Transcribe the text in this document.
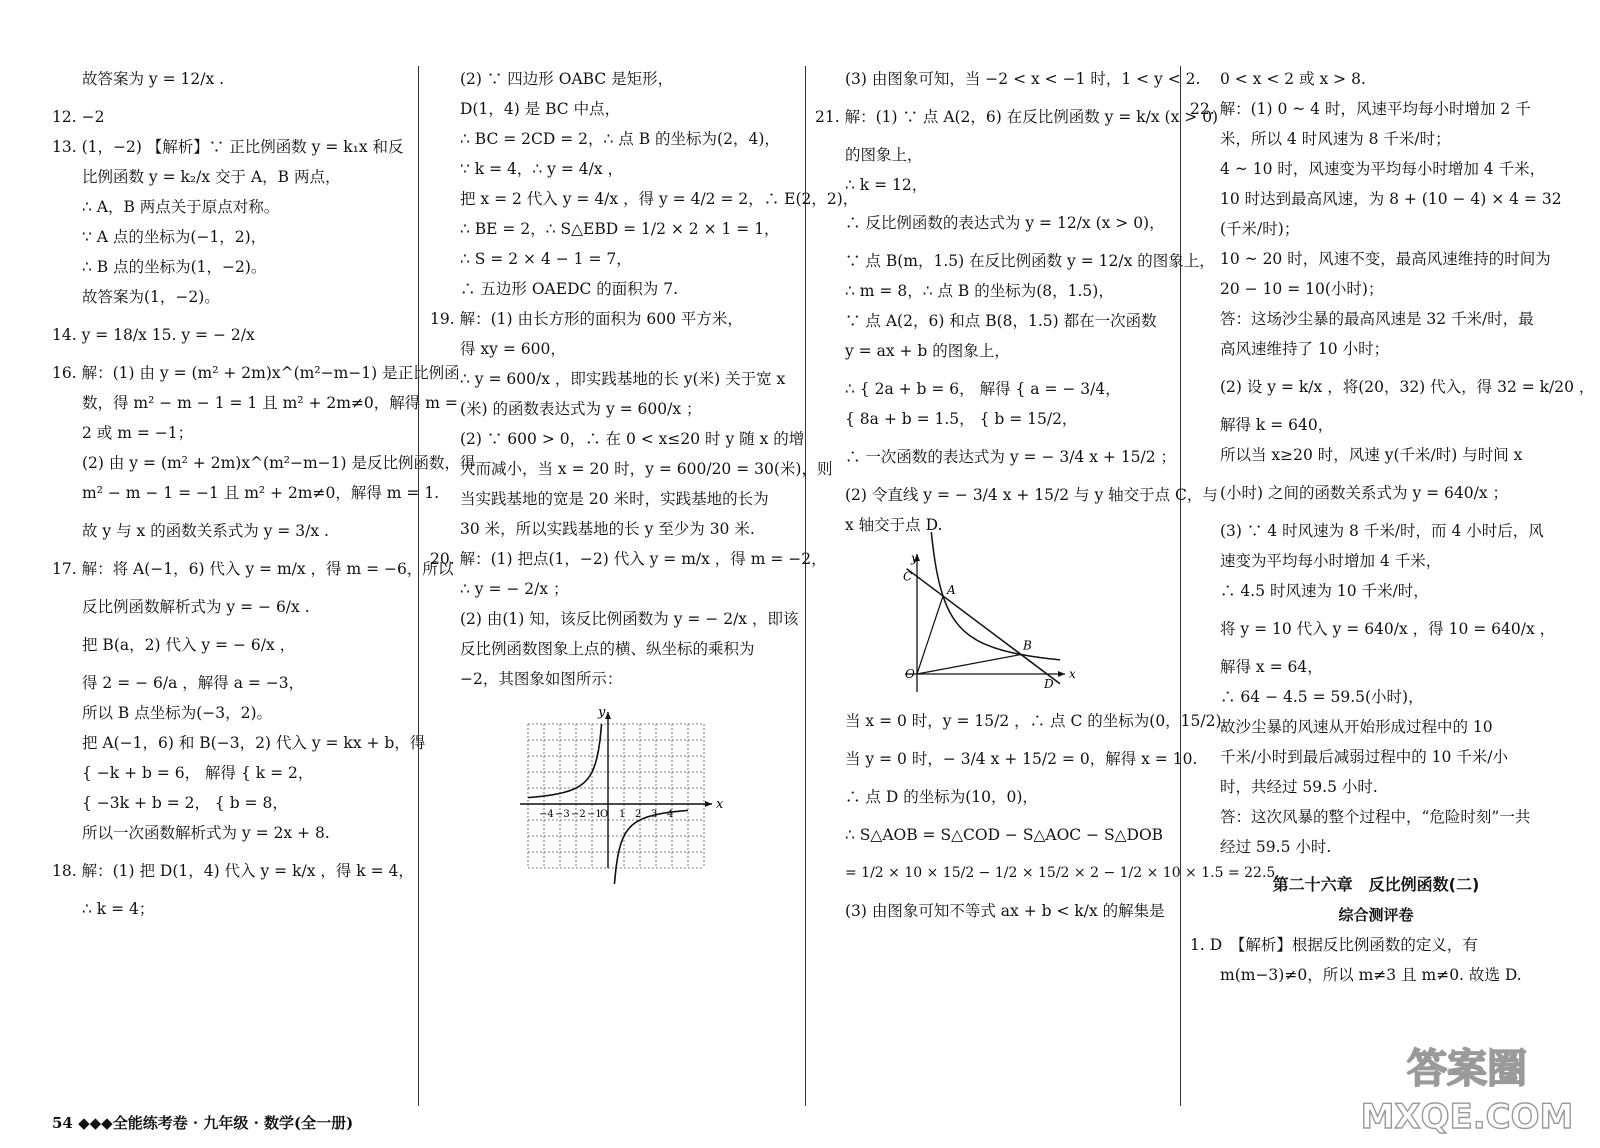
故答案为 y = 12/x .
12. −2
13. (1，−2) 【解析】∵ 正比例函数 y = k₁x 和反
比例函数 y = k₂/x 交于 A，B 两点，
∴ A，B 两点关于原点对称。
∵ A 点的坐标为(−1，2)，
∴ B 点的坐标为(1，−2)。
故答案为(1，−2)。
14. y = 18/x 15. y = − 2/x
16. 解：(1) 由 y = (m² + 2m)x^(m²−m−1) 是正比例函
数，得 m² − m − 1 = 1 且 m² + 2m≠0，解得 m =
2 或 m = −1；
(2) 由 y = (m² + 2m)x^(m²−m−1) 是反比例函数，得
m² − m − 1 = −1 且 m² + 2m≠0，解得 m = 1.
故 y 与 x 的函数关系式为 y = 3/x .
17. 解：将 A(−1，6) 代入 y = m/x ，得 m = −6，所以
反比例函数解析式为 y = − 6/x .
把 B(a，2) 代入 y = − 6/x ，
得 2 = − 6/a ，解得 a = −3，
所以 B 点坐标为(−3，2)。
把 A(−1，6) 和 B(−3，2) 代入 y = kx + b，得
{ −k + b = 6， 解得 { k = 2，
{ −3k + b = 2， { b = 8，
所以一次函数解析式为 y = 2x + 8.
18. 解：(1) 把 D(1，4) 代入 y = k/x ，得 k = 4，
∴ k = 4；
(2) ∵ 四边形 OABC 是矩形，
D(1，4) 是 BC 中点，
∴ BC = 2CD = 2，∴ 点 B 的坐标为(2，4)，
∵ k = 4，∴ y = 4/x ，
把 x = 2 代入 y = 4/x ，得 y = 4/2 = 2，∴ E(2，2)，
∴ BE = 2，∴ S△EBD = 1/2 × 2 × 1 = 1，
∴ S = 2 × 4 − 1 = 7，
∴ 五边形 OAEDC 的面积为 7.
19. 解：(1) 由长方形的面积为 600 平方米，
得 xy = 600，
∴ y = 600/x ，即实践基地的长 y(米) 关于宽 x
(米) 的函数表达式为 y = 600/x ；
(2) ∵ 600 > 0，∴ 在 0 < x≤20 时 y 随 x 的增
大而减小，当 x = 20 时，y = 600/20 = 30(米)，则
当实践基地的宽是 20 米时，实践基地的长为
30 米，所以实践基地的长 y 至少为 30 米.
20. 解：(1) 把点(1，−2) 代入 y = m/x ，得 m = −2，
∴ y = − 2/x ；
(2) 由(1) 知，该反比例函数为 y = − 2/x ，即该
反比例函数图象上点的横、纵坐标的乘积为
−2，其图象如图所示：
−4 −3 −2 −1
O 1 2 3 4
x
y
(3) 由图象可知，当 −2 < x < −1 时，1 < y < 2.
21. 解：(1) ∵ 点 A(2，6) 在反比例函数 y = k/x (x > 0)
的图象上，
∴ k = 12，
∴ 反比例函数的表达式为 y = 12/x (x > 0)，
∵ 点 B(m，1.5) 在反比例函数 y = 12/x 的图象上，
∴ m = 8，∴ 点 B 的坐标为(8，1.5)，
∵ 点 A(2，6) 和点 B(8，1.5) 都在一次函数
y = ax + b 的图象上，
∴ { 2a + b = 6， 解得 { a = − 3/4，
{ 8a + b = 1.5， { b = 15/2，
∴ 一次函数的表达式为 y = − 3/4 x + 15/2 ；
(2) 令直线 y = − 3/4 x + 15/2 与 y 轴交于点 C，与
x 轴交于点 D.
y
x
C
A
B
O
D
当 x = 0 时，y = 15/2 ，∴ 点 C 的坐标为(0，15/2)，
当 y = 0 时，− 3/4 x + 15/2 = 0，解得 x = 10.
∴ 点 D 的坐标为(10，0)，
∴ S△AOB = S△COD − S△AOC − S△DOB
= 1/2 × 10 × 15/2 − 1/2 × 15/2 × 2 − 1/2 × 10 × 1.5 = 22.5.
(3) 由图象可知不等式 ax + b < k/x 的解集是
0 < x < 2 或 x > 8.
22. 解：(1) 0 ~ 4 时，风速平均每小时增加 2 千
米，所以 4 时风速为 8 千米/时；
4 ~ 10 时，风速变为平均每小时增加 4 千米，
10 时达到最高风速，为 8 + (10 − 4) × 4 = 32
(千米/时)；
10 ~ 20 时，风速不变，最高风速维持的时间为
20 − 10 = 10(小时)；
答：这场沙尘暴的最高风速是 32 千米/时，最
高风速维持了 10 小时；
(2) 设 y = k/x ，将(20，32) 代入，得 32 = k/20 ，
解得 k = 640，
所以当 x≥20 时，风速 y(千米/时) 与时间 x
(小时) 之间的函数关系式为 y = 640/x ；
(3) ∵ 4 时风速为 8 千米/时，而 4 小时后，风
速变为平均每小时增加 4 千米，
∴ 4.5 时风速为 10 千米/时，
将 y = 10 代入 y = 640/x ，得 10 = 640/x ，
解得 x = 64，
∴ 64 − 4.5 = 59.5(小时)，
故沙尘暴的风速从开始形成过程中的 10
千米/小时到最后减弱过程中的 10 千米/小
时，共经过 59.5 小时.
答：这次风暴的整个过程中，“危险时刻”一共
经过 59.5 小时.
第二十六章　反比例函数(二)
综合测评卷
1. D　【解析】根据反比例函数的定义，有
m(m−3)≠0，所以 m≠3 且 m≠0. 故选 D.
54 ◆◆◆全能练考卷 · 九年级 · 数学(全一册)
答案圈
MXQE.COM
